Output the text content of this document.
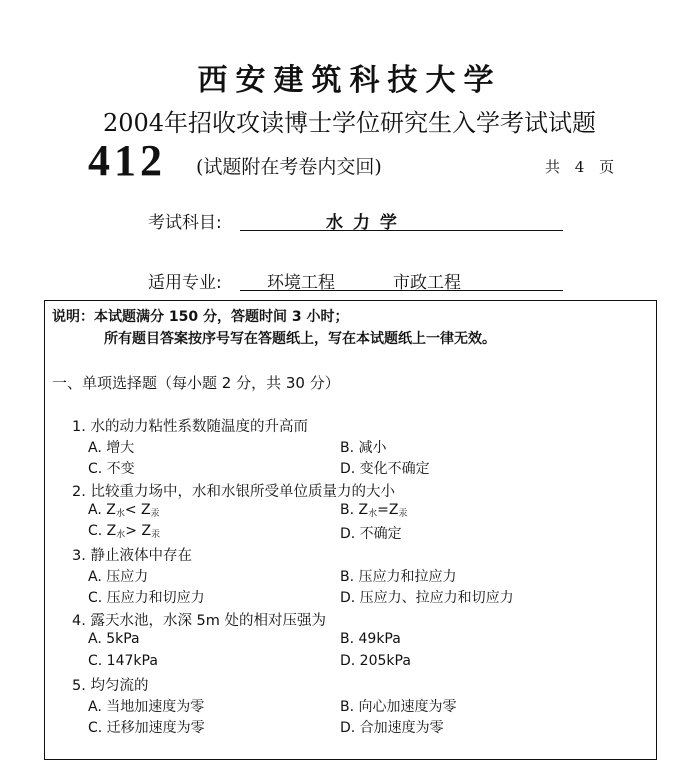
西安建筑科技大学
2004年招收攻读博士学位研究生入学考试试题
412 (试题附在考卷内交回)	共 4 页
考试科目:	水 力 学
适用专业:	环境工程	市政工程
说明：本试题满分 150 分，答题时间 3 小时；
所有题目答案按序号写在答题纸上，写在本试题纸上一律无效。
一、单项选择题（每小题 2 分，共 30 分）
1. 水的动力粘性系数随温度的升高而
A. 增大	B. 减小
C. 不变	D. 变化不确定
2. 比较重力场中，水和水银所受单位质量力的大小
A. $Z_水< Z_汞$	B. $Z_水=Z_汞$
C. $Z_水> Z_汞$	D. 不确定
3. 静止液体中存在
A. 压应力	B. 压应力和拉应力
C. 压应力和切应力	D. 压应力、拉应力和切应力
4. 露天水池，水深 5m 处的相对压强为
A. 5kPa	B. 49kPa
C. 147kPa	D. 205kPa
5. 均匀流的
A. 当地加速度为零	B. 向心加速度为零
C. 迁移加速度为零	D. 合加速度为零
